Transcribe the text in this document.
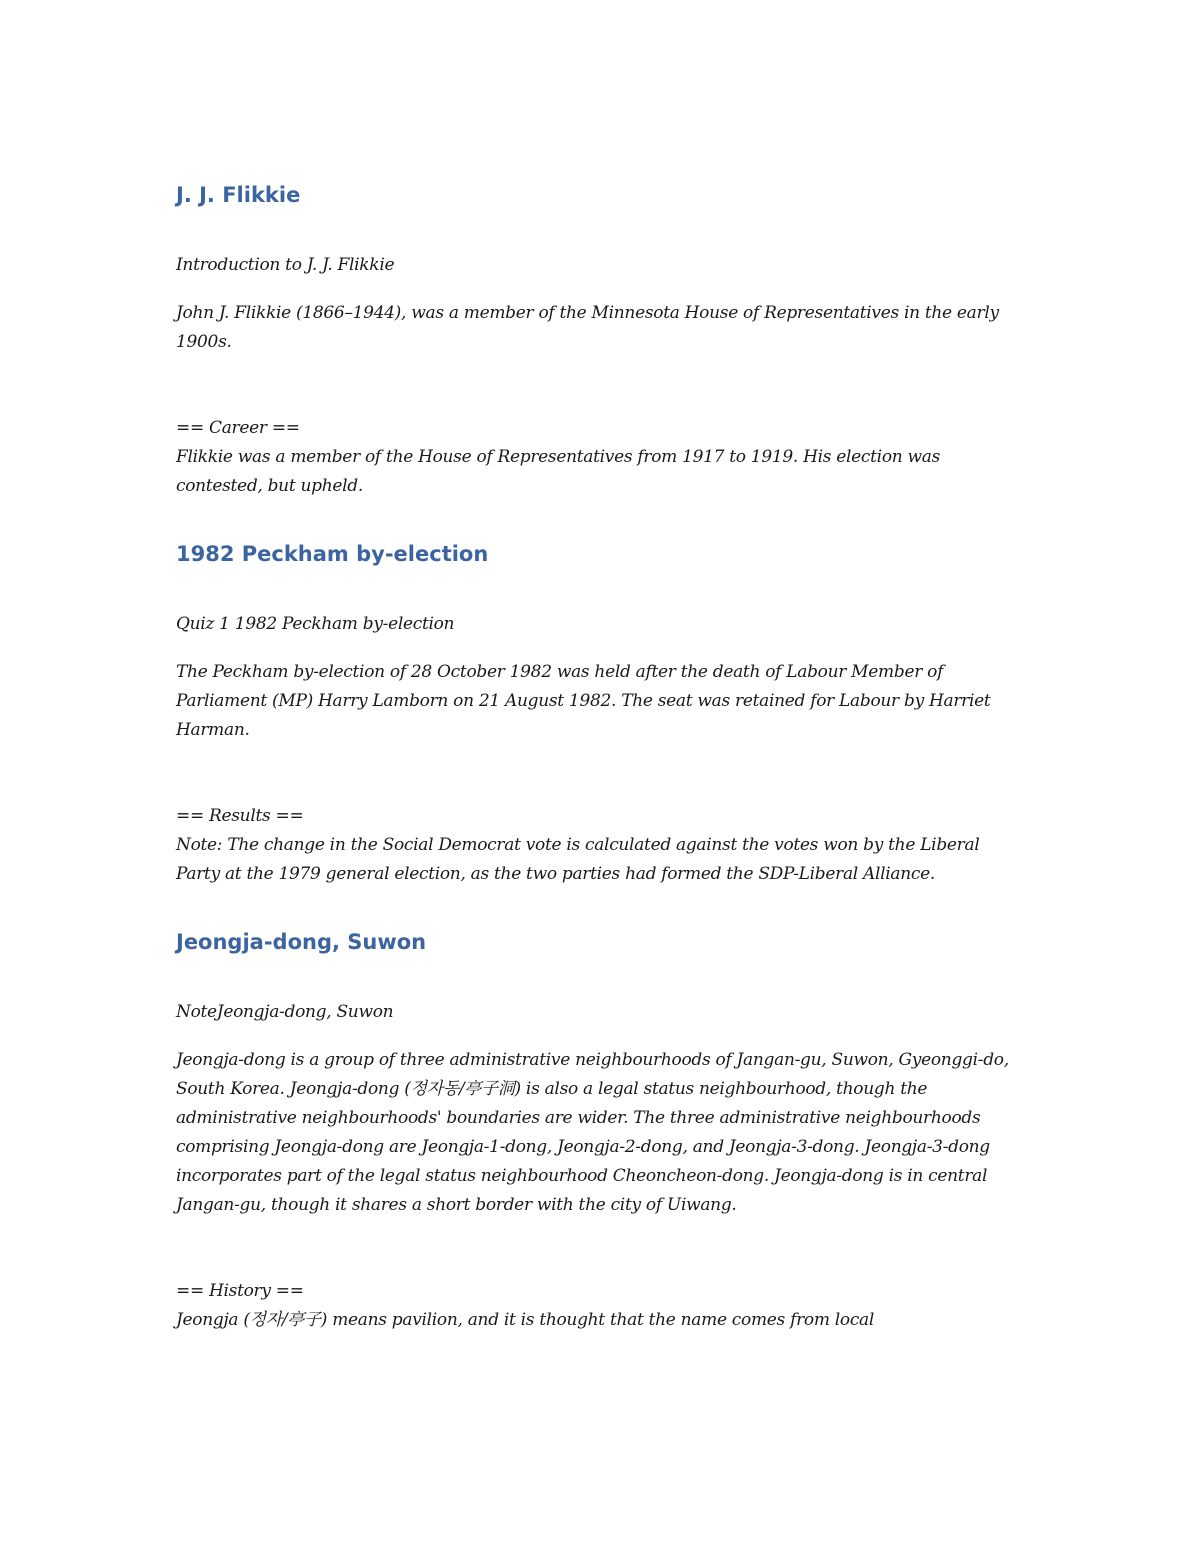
J. J. Flikkie

Introduction to J. J. Flikkie

John J. Flikkie (1866–1944), was a member of the Minnesota House of Representatives in the early 1900s.

== Career ==

Flikkie was a member of the House of Representatives from 1917 to 1919. His election was contested, but upheld.

1982 Peckham by-election

Quiz 1 1982 Peckham by-election

The Peckham by-election of 28 October 1982 was held after the death of Labour Member of Parliament (MP) Harry Lamborn on 21 August 1982. The seat was retained for Labour by Harriet Harman.

== Results ==

Note: The change in the Social Democrat vote is calculated against the votes won by the Liberal Party at the 1979 general election, as the two parties had formed the SDP-Liberal Alliance.

Jeongja-dong, Suwon

NoteJeongja-dong, Suwon

Jeongja-dong is a group of three administrative neighbourhoods of Jangan-gu, Suwon, Gyeonggi-do, South Korea. Jeongja-dong (정자동/亭子洞) is also a legal status neighbourhood, though the administrative neighbourhoods' boundaries are wider. The three administrative neighbourhoods comprising Jeongja-dong are Jeongja-1-dong, Jeongja-2-dong, and Jeongja-3-dong. Jeongja-3-dong incorporates part of the legal status neighbourhood Cheoncheon-dong. Jeongja-dong is in central Jangan-gu, though it shares a short border with the city of Uiwang.

== History ==

Jeongja (정자/亭子) means pavilion, and it is thought that the name comes from local
